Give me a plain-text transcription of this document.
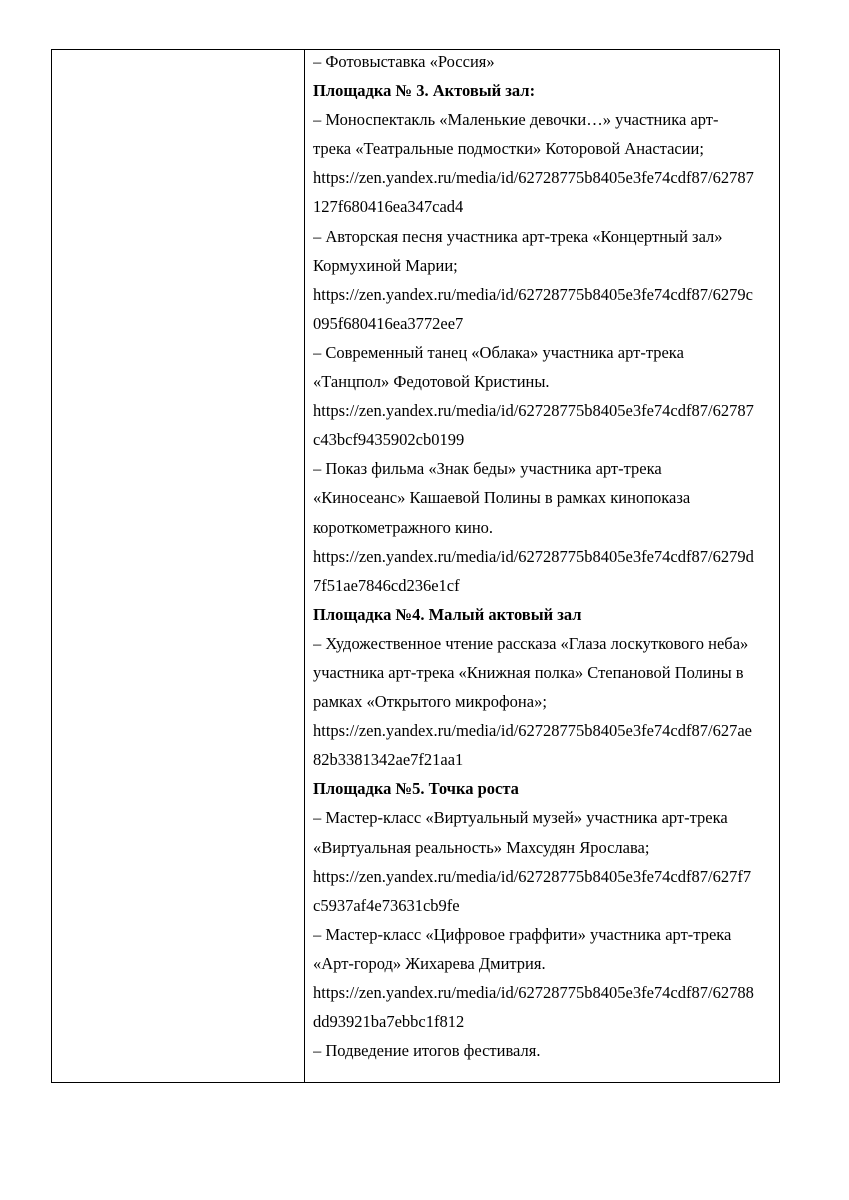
– Фотовыставка «Россия»
Площадка № 3. Актовый зал:
– Моноспектакль «Маленькие девочки…» участника арт-
трека «Театральные подмостки» Которовой Анастасии;
https://zen.yandex.ru/media/id/62728775b8405e3fe74cdf87/62787
127f680416ea347cad4
– Авторская песня участника арт-трека «Концертный зал»
Кормухиной Марии;
https://zen.yandex.ru/media/id/62728775b8405e3fe74cdf87/6279c
095f680416ea3772ee7
– Современный танец «Облака» участника арт-трека
«Танцпол» Федотовой Кристины.
https://zen.yandex.ru/media/id/62728775b8405e3fe74cdf87/62787
c43bcf9435902cb0199
– Показ фильма «Знак беды» участника арт-трека
«Киносеанс» Кашаевой Полины в рамках кинопоказа
короткометражного кино.
https://zen.yandex.ru/media/id/62728775b8405e3fe74cdf87/6279d
7f51ae7846cd236e1cf
Площадка №4. Малый актовый зал
– Художественное чтение рассказа «Глаза лоскуткового неба»
участника арт-трека «Книжная полка» Степановой Полины в
рамках «Открытого микрофона»;
https://zen.yandex.ru/media/id/62728775b8405e3fe74cdf87/627ae
82b3381342ae7f21aa1
Площадка №5. Точка роста
– Мастер-класс «Виртуальный музей» участника арт-трека
«Виртуальная реальность» Махсудян Ярослава;
https://zen.yandex.ru/media/id/62728775b8405e3fe74cdf87/627f7
c5937af4e73631cb9fe
– Мастер-класс «Цифровое граффити» участника арт-трека
«Арт-город» Жихарева Дмитрия.
https://zen.yandex.ru/media/id/62728775b8405e3fe74cdf87/62788
dd93921ba7ebbc1f812
– Подведение итогов фестиваля.
